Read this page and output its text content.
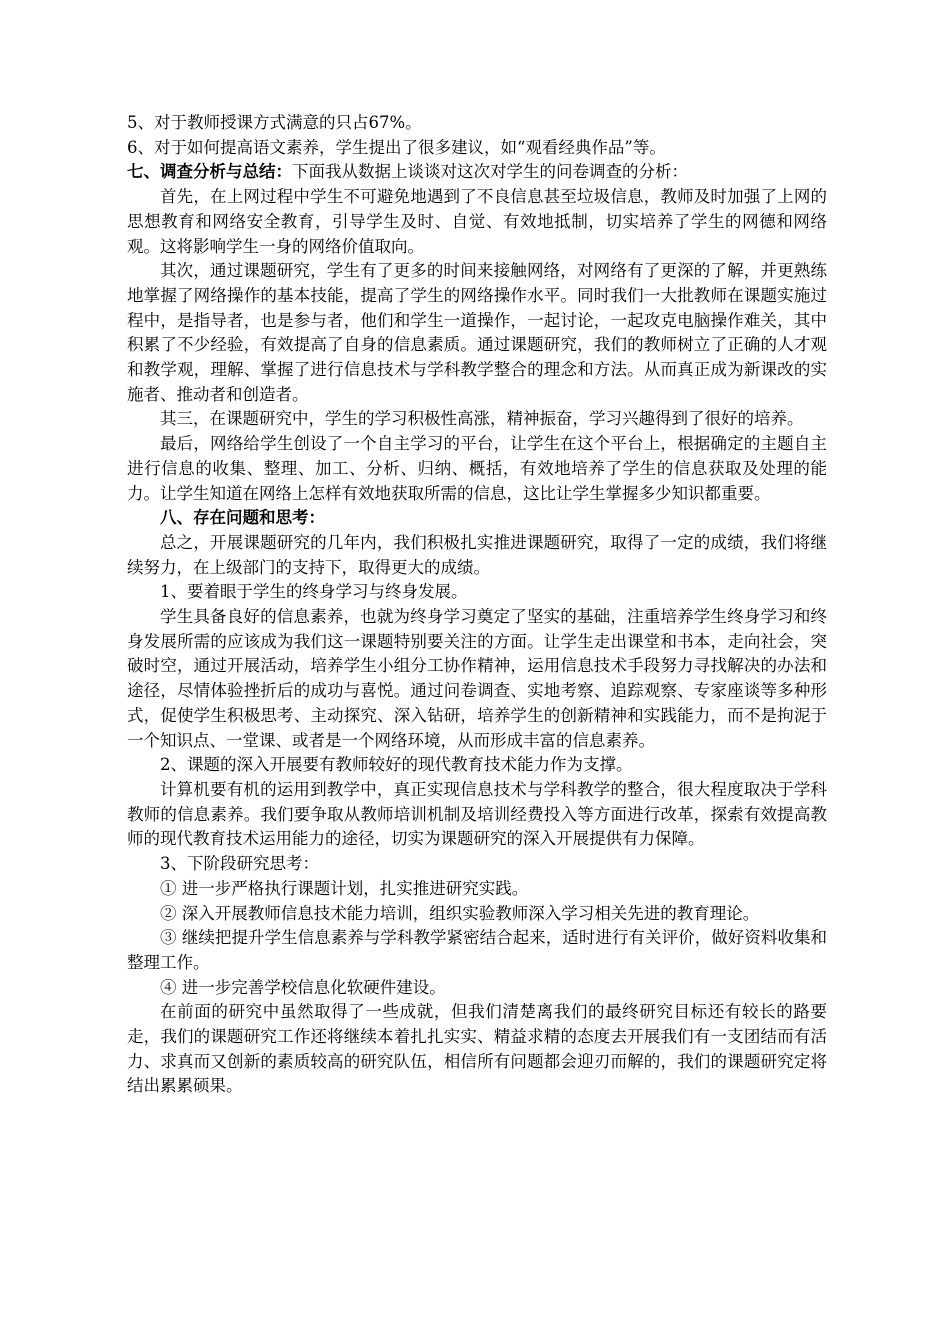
5、对于教师授课方式满意的只占67%。

6、对于如何提高语文素养，学生提出了很多建议，如“观看经典作品”等。

七、调查分析与总结：下面我从数据上谈谈对这次对学生的问卷调查的分析：

首先，在上网过程中学生不可避免地遇到了不良信息甚至垃圾信息，教师及时加强了上网的思想教育和网络安全教育，引导学生及时、自觉、有效地抵制，切实培养了学生的网德和网络观。这将影响学生一身的网络价值取向。

其次，通过课题研究，学生有了更多的时间来接触网络，对网络有了更深的了解，并更熟练地掌握了网络操作的基本技能，提高了学生的网络操作水平。同时我们一大批教师在课题实施过程中，是指导者，也是参与者，他们和学生一道操作，一起讨论，一起攻克电脑操作难关，其中积累了不少经验，有效提高了自身的信息素质。通过课题研究，我们的教师树立了正确的人才观和教学观，理解、掌握了进行信息技术与学科教学整合的理念和方法。从而真正成为新课改的实施者、推动者和创造者。

其三，在课题研究中，学生的学习积极性高涨，精神振奋，学习兴趣得到了很好的培养。

最后，网络给学生创设了一个自主学习的平台，让学生在这个平台上，根据确定的主题自主进行信息的收集、整理、加工、分析、归纳、概括，有效地培养了学生的信息获取及处理的能力。让学生知道在网络上怎样有效地获取所需的信息，这比让学生掌握多少知识都重要。

八、存在问题和思考：

总之，开展课题研究的几年内，我们积极扎实推进课题研究，取得了一定的成绩，我们将继续努力，在上级部门的支持下，取得更大的成绩。

1、要着眼于学生的终身学习与终身发展。

学生具备良好的信息素养，也就为终身学习奠定了坚实的基础，注重培养学生终身学习和终身发展所需的应该成为我们这一课题特别要关注的方面。让学生走出课堂和书本，走向社会，突破时空，通过开展活动，培养学生小组分工协作精神，运用信息技术手段努力寻找解决的办法和途径，尽情体验挫折后的成功与喜悦。通过问卷调查、实地考察、追踪观察、专家座谈等多种形式，促使学生积极思考、主动探究、深入钻研，培养学生的创新精神和实践能力，而不是拘泥于一个知识点、一堂课、或者是一个网络环境，从而形成丰富的信息素养。

2、课题的深入开展要有教师较好的现代教育技术能力作为支撑。

计算机要有机的运用到教学中，真正实现信息技术与学科教学的整合，很大程度取决于学科教师的信息素养。我们要争取从教师培训机制及培训经费投入等方面进行改革，探索有效提高教师的现代教育技术运用能力的途径，切实为课题研究的深入开展提供有力保障。

3、下阶段研究思考：

① 进一步严格执行课题计划，扎实推进研究实践。

② 深入开展教师信息技术能力培训，组织实验教师深入学习相关先进的教育理论。

③ 继续把提升学生信息素养与学科教学紧密结合起来，适时进行有关评价，做好资料收集和整理工作。

④ 进一步完善学校信息化软硬件建设。

在前面的研究中虽然取得了一些成就，但我们清楚离我们的最终研究目标还有较长的路要走，我们的课题研究工作还将继续本着扎扎实实、精益求精的态度去开展我们有一支团结而有活力、求真而又创新的素质较高的研究队伍，相信所有问题都会迎刃而解的，我们的课题研究定将结出累累硕果。
